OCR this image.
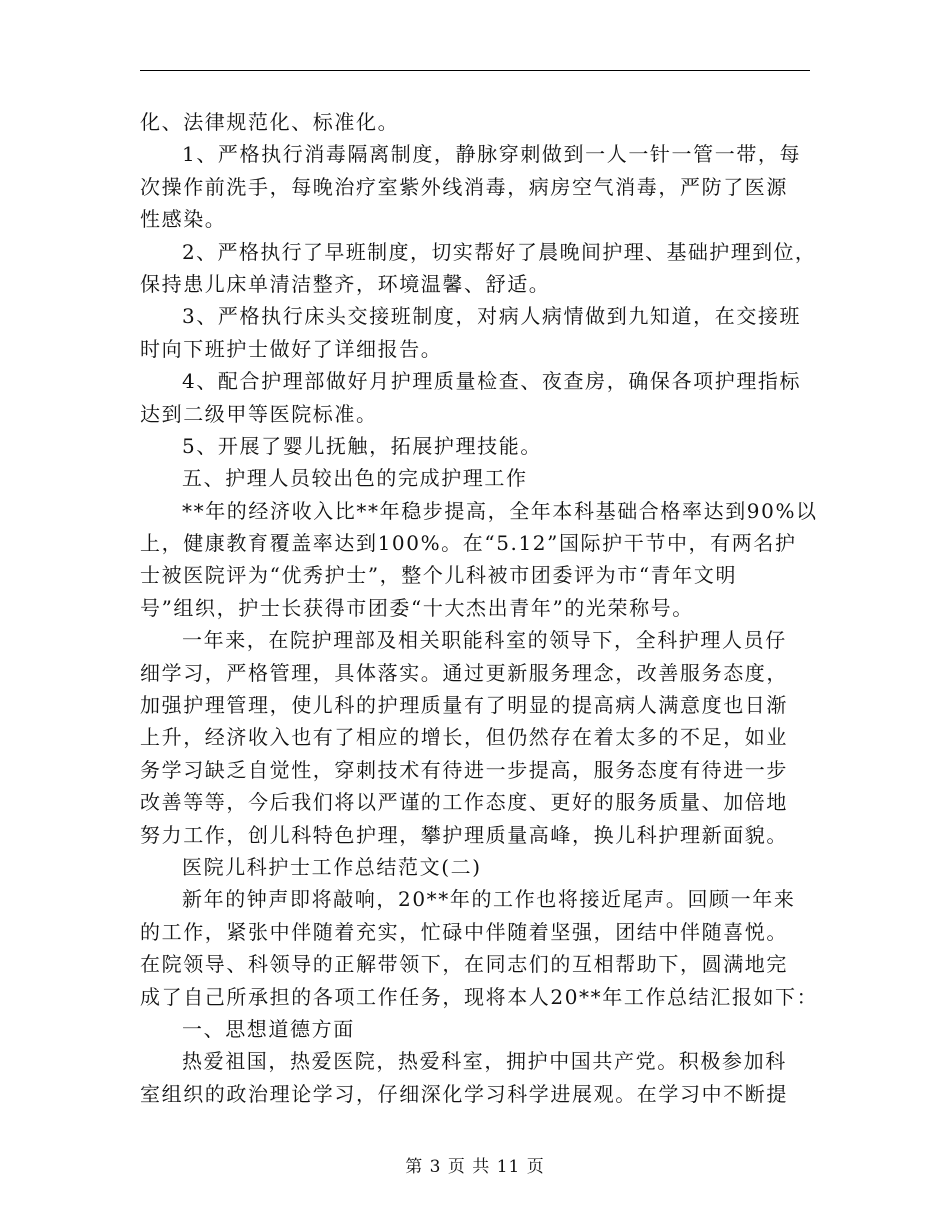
化、法律规范化、标准化。
1、严格执行消毒隔离制度，静脉穿刺做到一人一针一管一带，每
次操作前洗手，每晚治疗室紫外线消毒，病房空气消毒，严防了医源
性感染。
2、严格执行了早班制度，切实帮好了晨晚间护理、基础护理到位，
保持患儿床单清洁整齐，环境温馨、舒适。
3、严格执行床头交接班制度，对病人病情做到九知道，在交接班
时向下班护士做好了详细报告。
4、配合护理部做好月护理质量检查、夜查房，确保各项护理指标
达到二级甲等医院标准。
5、开展了婴儿抚触，拓展护理技能。
五、护理人员较出色的完成护理工作
**年的经济收入比**年稳步提高，全年本科基础合格率达到90%以
上，健康教育覆盖率达到100%。在“5.12”国际护干节中，有两名护
士被医院评为“优秀护士”，整个儿科被市团委评为市“青年文明
号”组织，护士长获得市团委“十大杰出青年”的光荣称号。
一年来，在院护理部及相关职能科室的领导下，全科护理人员仔
细学习，严格管理，具体落实。通过更新服务理念，改善服务态度，
加强护理管理，使儿科的护理质量有了明显的提高病人满意度也日渐
上升，经济收入也有了相应的增长，但仍然存在着太多的不足，如业
务学习缺乏自觉性，穿刺技术有待进一步提高，服务态度有待进一步
改善等等，今后我们将以严谨的工作态度、更好的服务质量、加倍地
努力工作，创儿科特色护理，攀护理质量高峰，换儿科护理新面貌。
医院儿科护士工作总结范文(二)
新年的钟声即将敲响，20**年的工作也将接近尾声。回顾一年来
的工作，紧张中伴随着充实，忙碌中伴随着坚强，团结中伴随喜悦。
在院领导、科领导的正解带领下，在同志们的互相帮助下，圆满地完
成了自己所承担的各项工作任务，现将本人20**年工作总结汇报如下：
一、思想道德方面
热爱祖国，热爱医院，热爱科室，拥护中国共产党。积极参加科
室组织的政治理论学习，仔细深化学习科学进展观。在学习中不断提
第 3 页 共 11 页
